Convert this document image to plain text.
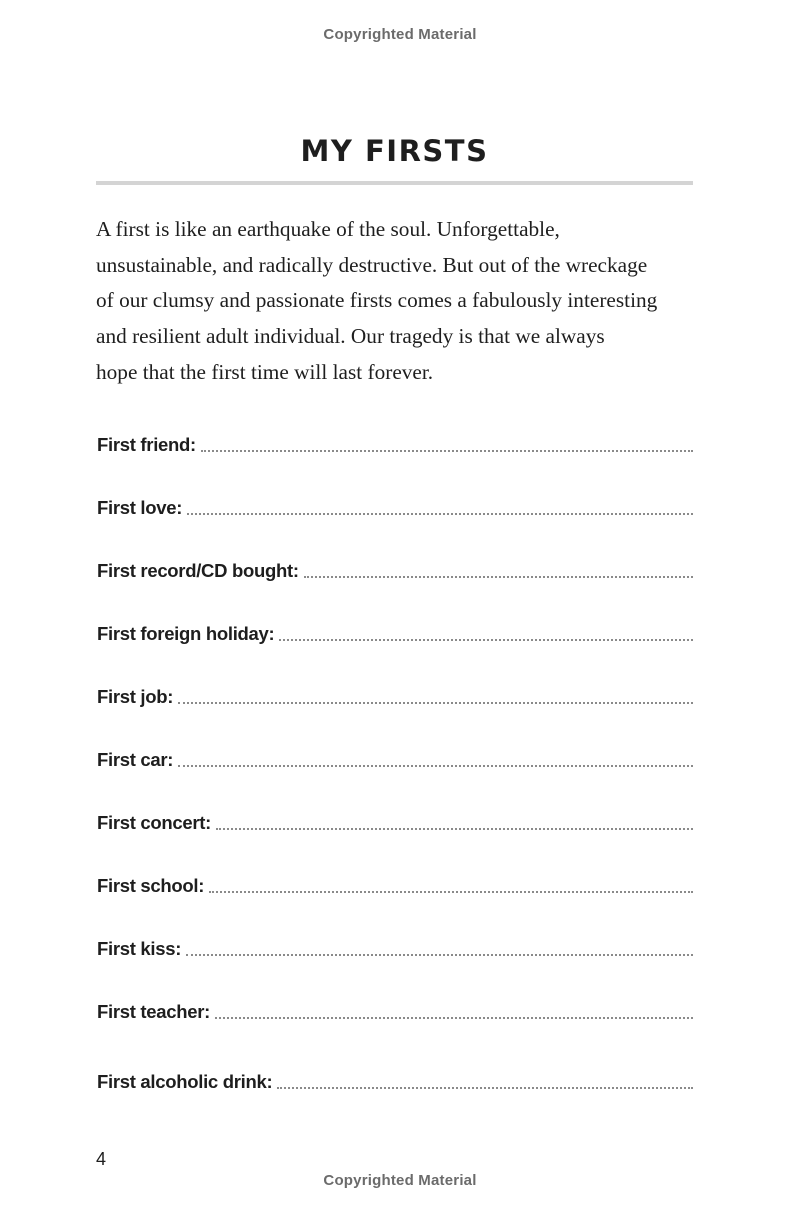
Copyrighted Material
MY FIRSTS

A first is like an earthquake of the soul. Unforgettable,
unsustainable, and radically destructive. But out of the wreckage
of our clumsy and passionate firsts comes a fabulously interesting
and resilient adult individual. Our tragedy is that we always
hope that the first time will last forever.

First friend:
First love:
First record/CD bought:
First foreign holiday:
First job:
First car:
First concert:
First school:
First kiss:
First teacher:
First alcoholic drink:
4
Copyrighted Material
